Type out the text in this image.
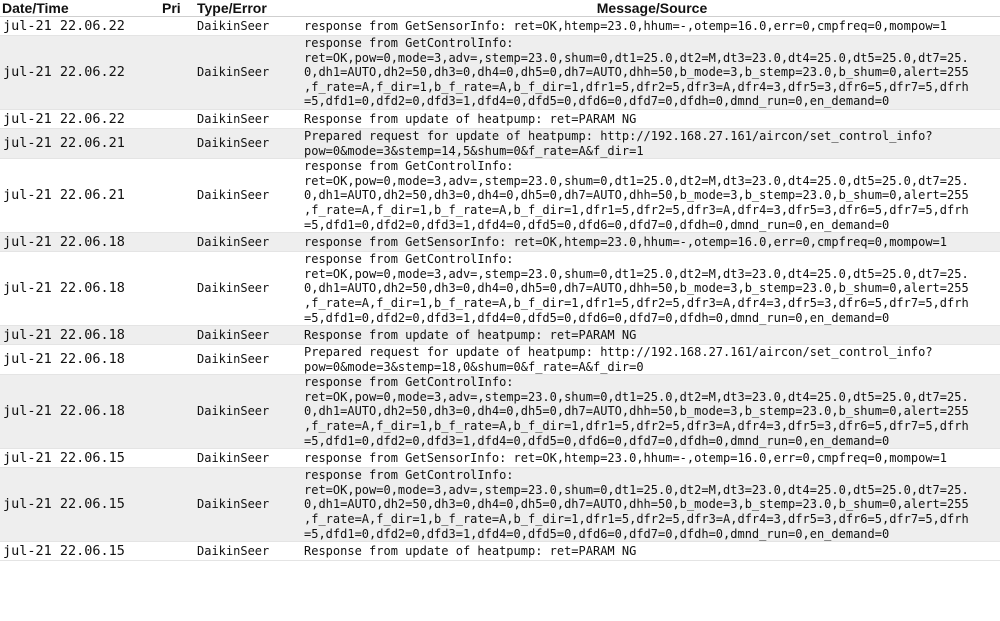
Date/Time	Pri	Type/Error	Message/Source
jul-21 22.06.22		DaikinSeer	response from GetSensorInfo: ret=OK,htemp=23.0,hhum=-,otemp=16.0,err=0,cmpfreq=0,mompow=1
jul-21 22.06.22		DaikinSeer	response from GetControlInfo:
ret=OK,pow=0,mode=3,adv=,stemp=23.0,shum=0,dt1=25.0,dt2=M,dt3=23.0,dt4=25.0,dt5=25.0,dt7=25.
0,dh1=AUTO,dh2=50,dh3=0,dh4=0,dh5=0,dh7=AUTO,dhh=50,b_mode=3,b_stemp=23.0,b_shum=0,alert=255
,f_rate=A,f_dir=1,b_f_rate=A,b_f_dir=1,dfr1=5,dfr2=5,dfr3=A,dfr4=3,dfr5=3,dfr6=5,dfr7=5,dfrh
=5,dfd1=0,dfd2=0,dfd3=1,dfd4=0,dfd5=0,dfd6=0,dfd7=0,dfdh=0,dmnd_run=0,en_demand=0
jul-21 22.06.22		DaikinSeer	Response from update of heatpump: ret=PARAM NG
jul-21 22.06.21		DaikinSeer	Prepared request for update of heatpump: http://192.168.27.161/aircon/set_control_info?
pow=0&mode=3&stemp=14,5&shum=0&f_rate=A&f_dir=1
jul-21 22.06.21		DaikinSeer	response from GetControlInfo:
ret=OK,pow=0,mode=3,adv=,stemp=23.0,shum=0,dt1=25.0,dt2=M,dt3=23.0,dt4=25.0,dt5=25.0,dt7=25.
0,dh1=AUTO,dh2=50,dh3=0,dh4=0,dh5=0,dh7=AUTO,dhh=50,b_mode=3,b_stemp=23.0,b_shum=0,alert=255
,f_rate=A,f_dir=1,b_f_rate=A,b_f_dir=1,dfr1=5,dfr2=5,dfr3=A,dfr4=3,dfr5=3,dfr6=5,dfr7=5,dfrh
=5,dfd1=0,dfd2=0,dfd3=1,dfd4=0,dfd5=0,dfd6=0,dfd7=0,dfdh=0,dmnd_run=0,en_demand=0
jul-21 22.06.18		DaikinSeer	response from GetSensorInfo: ret=OK,htemp=23.0,hhum=-,otemp=16.0,err=0,cmpfreq=0,mompow=1
jul-21 22.06.18		DaikinSeer	response from GetControlInfo:
ret=OK,pow=0,mode=3,adv=,stemp=23.0,shum=0,dt1=25.0,dt2=M,dt3=23.0,dt4=25.0,dt5=25.0,dt7=25.
0,dh1=AUTO,dh2=50,dh3=0,dh4=0,dh5=0,dh7=AUTO,dhh=50,b_mode=3,b_stemp=23.0,b_shum=0,alert=255
,f_rate=A,f_dir=1,b_f_rate=A,b_f_dir=1,dfr1=5,dfr2=5,dfr3=A,dfr4=3,dfr5=3,dfr6=5,dfr7=5,dfrh
=5,dfd1=0,dfd2=0,dfd3=1,dfd4=0,dfd5=0,dfd6=0,dfd7=0,dfdh=0,dmnd_run=0,en_demand=0
jul-21 22.06.18		DaikinSeer	Response from update of heatpump: ret=PARAM NG
jul-21 22.06.18		DaikinSeer	Prepared request for update of heatpump: http://192.168.27.161/aircon/set_control_info?
pow=0&mode=3&stemp=18,0&shum=0&f_rate=A&f_dir=0
jul-21 22.06.18		DaikinSeer	response from GetControlInfo:
ret=OK,pow=0,mode=3,adv=,stemp=23.0,shum=0,dt1=25.0,dt2=M,dt3=23.0,dt4=25.0,dt5=25.0,dt7=25.
0,dh1=AUTO,dh2=50,dh3=0,dh4=0,dh5=0,dh7=AUTO,dhh=50,b_mode=3,b_stemp=23.0,b_shum=0,alert=255
,f_rate=A,f_dir=1,b_f_rate=A,b_f_dir=1,dfr1=5,dfr2=5,dfr3=A,dfr4=3,dfr5=3,dfr6=5,dfr7=5,dfrh
=5,dfd1=0,dfd2=0,dfd3=1,dfd4=0,dfd5=0,dfd6=0,dfd7=0,dfdh=0,dmnd_run=0,en_demand=0
jul-21 22.06.15		DaikinSeer	response from GetSensorInfo: ret=OK,htemp=23.0,hhum=-,otemp=16.0,err=0,cmpfreq=0,mompow=1
jul-21 22.06.15		DaikinSeer	response from GetControlInfo:
ret=OK,pow=0,mode=3,adv=,stemp=23.0,shum=0,dt1=25.0,dt2=M,dt3=23.0,dt4=25.0,dt5=25.0,dt7=25.
0,dh1=AUTO,dh2=50,dh3=0,dh4=0,dh5=0,dh7=AUTO,dhh=50,b_mode=3,b_stemp=23.0,b_shum=0,alert=255
,f_rate=A,f_dir=1,b_f_rate=A,b_f_dir=1,dfr1=5,dfr2=5,dfr3=A,dfr4=3,dfr5=3,dfr6=5,dfr7=5,dfrh
=5,dfd1=0,dfd2=0,dfd3=1,dfd4=0,dfd5=0,dfd6=0,dfd7=0,dfdh=0,dmnd_run=0,en_demand=0
jul-21 22.06.15		DaikinSeer	Response from update of heatpump: ret=PARAM NG
